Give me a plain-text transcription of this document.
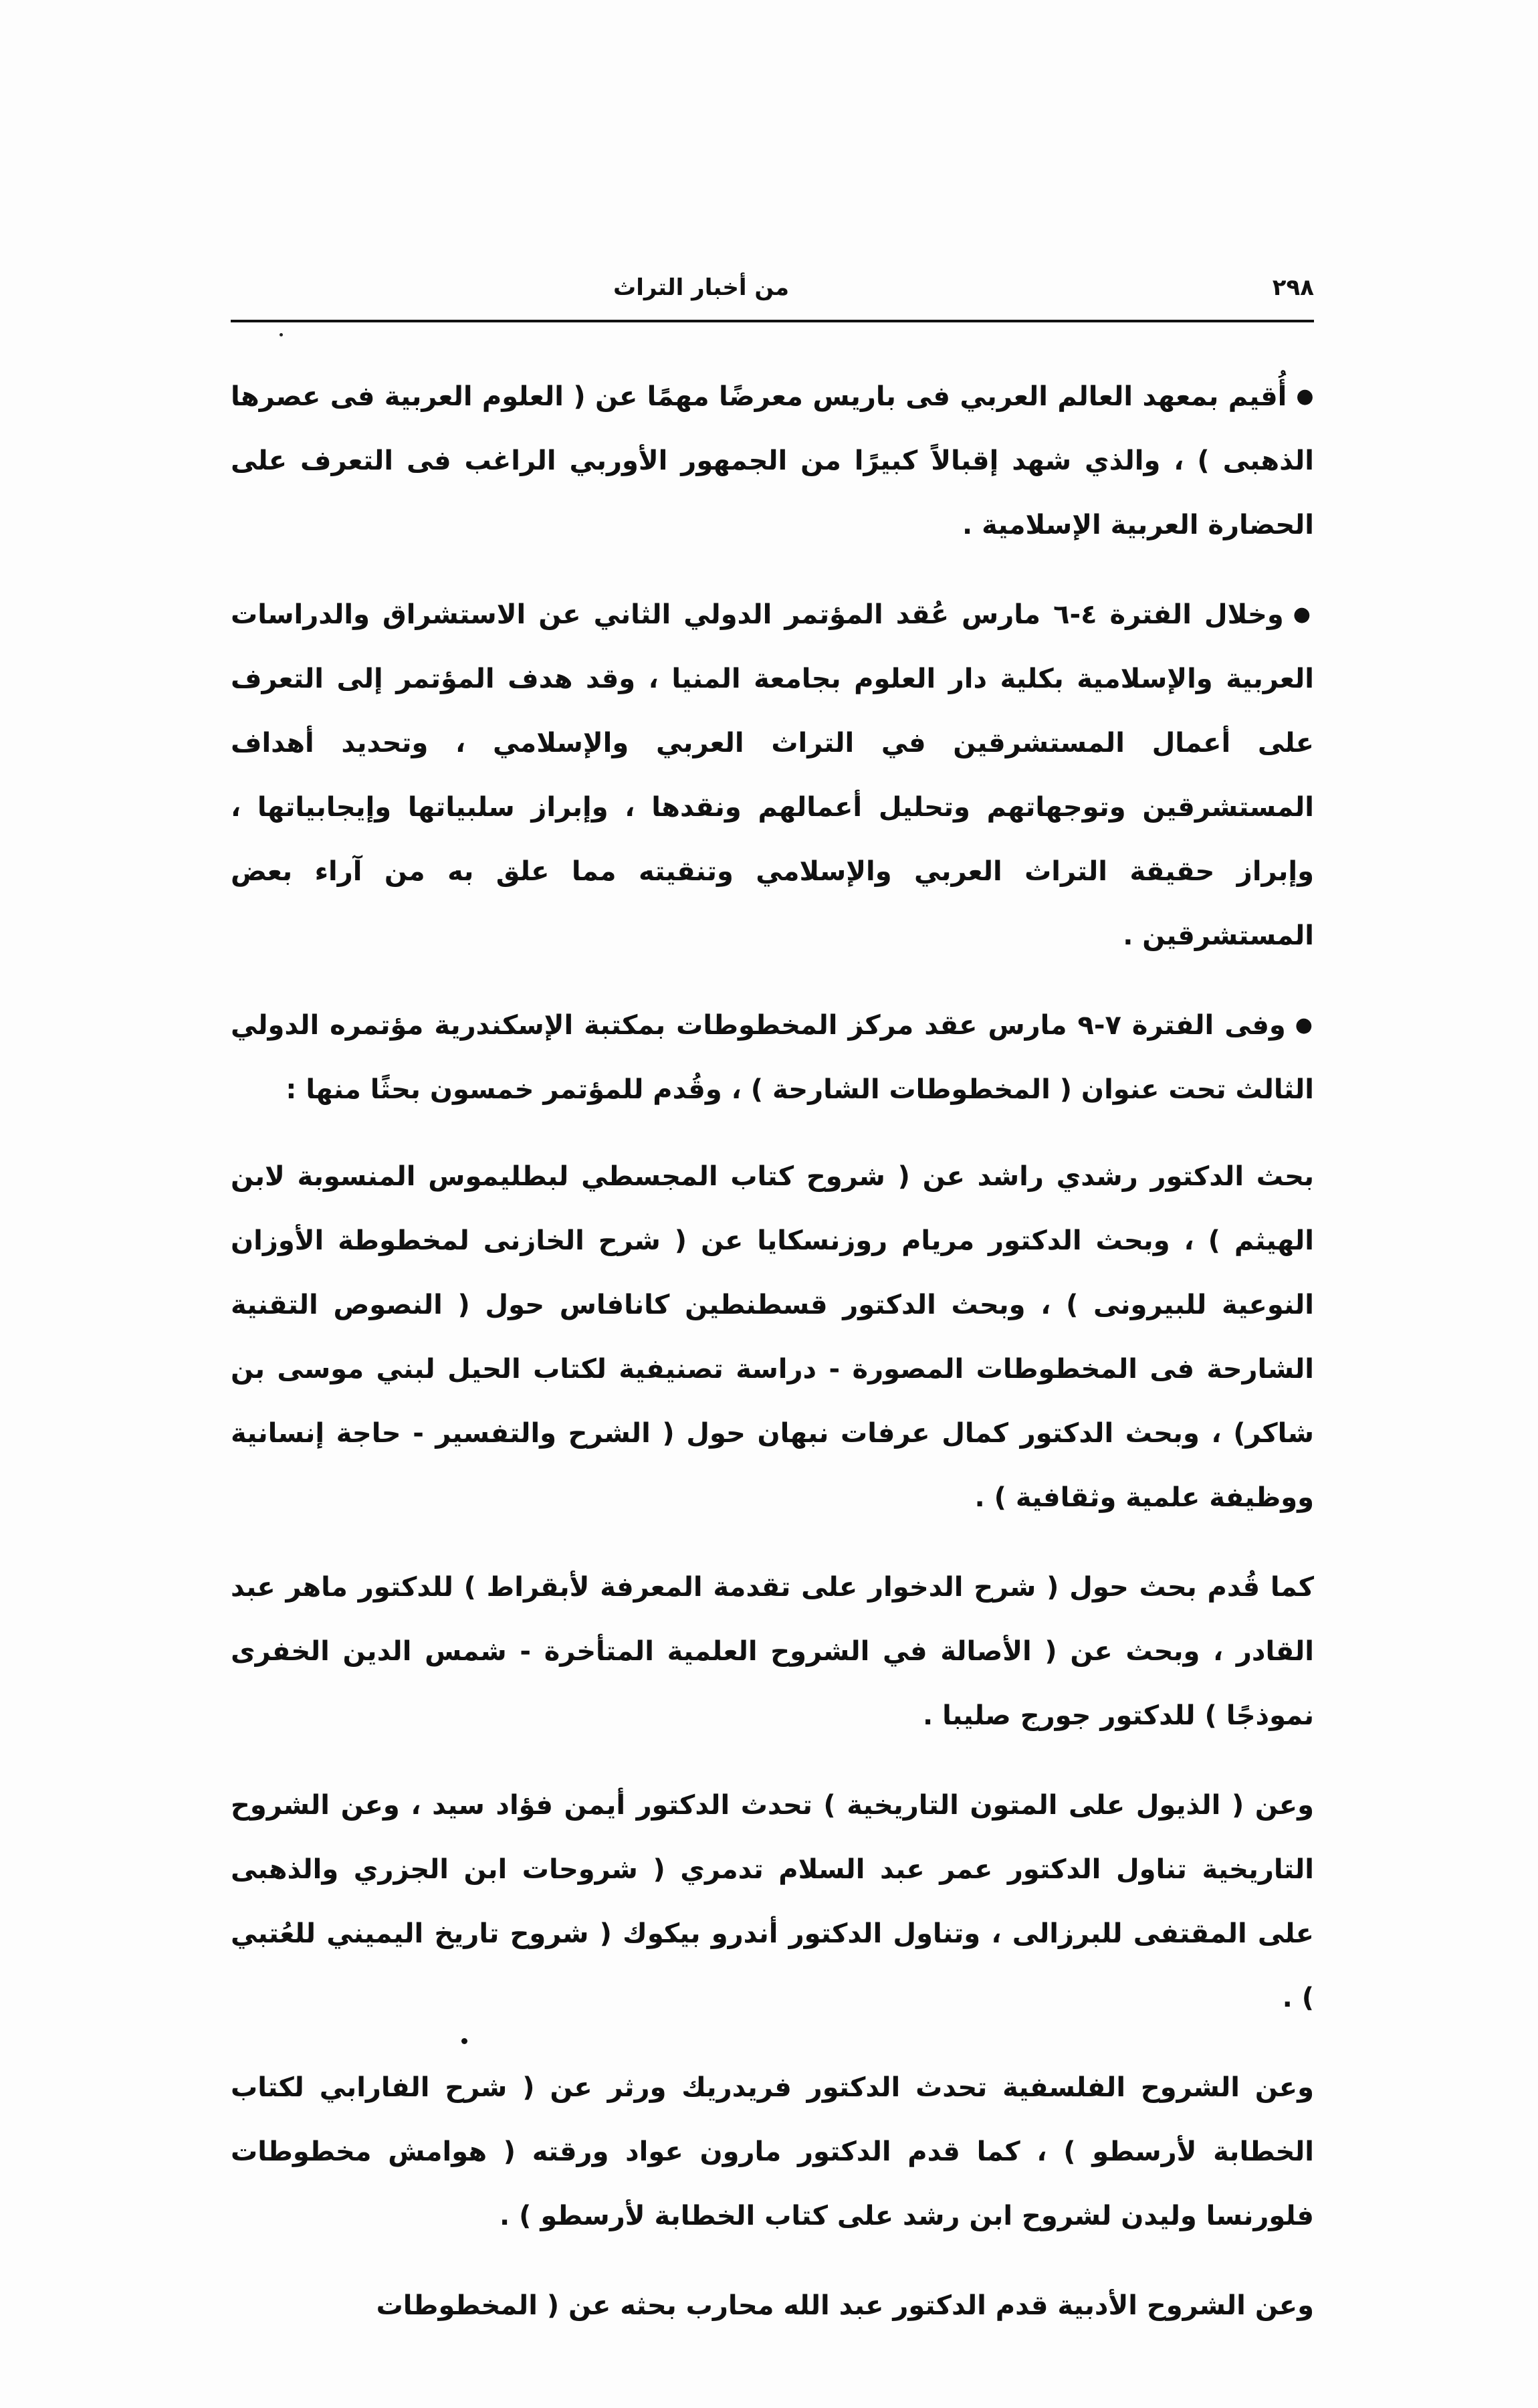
٢٩٨
من أخبار التراث

● أُقيم بمعهد العالم العربي فى باريس معرضًا مهمًا عن ( العلوم العربية فى عصرها الذهبى ) ، والذي شهد إقبالاً كبيرًا من الجمهور الأوربي الراغب فى التعرف على الحضارة العربية الإسلامية .

● وخلال الفترة ٤-٦ مارس عُقد المؤتمر الدولي الثاني عن الاستشراق والدراسات العربية والإسلامية بكلية دار العلوم بجامعة المنيا ، وقد هدف المؤتمر إلى التعرف على أعمال المستشرقين في التراث العربي والإسلامي ، وتحديد أهداف المستشرقين وتوجهاتهم وتحليل أعمالهم ونقدها ، وإبراز سلبياتها وإيجابياتها ، وإبراز حقيقة التراث العربي والإسلامي وتنقيته مما علق به من آراء بعض المستشرقين .

● وفى الفترة ٧-٩ مارس عقد مركز المخطوطات بمكتبة الإسكندرية مؤتمره الدولي الثالث تحت عنوان ( المخطوطات الشارحة ) ، وقُدم للمؤتمر خمسون بحثًا منها :

بحث الدكتور رشدي راشد عن ( شروح كتاب المجسطي لبطليموس المنسوبة لابن الهيثم ) ، وبحث الدكتور مريام روزنسكايا عن ( شرح الخازنى لمخطوطة الأوزان النوعية للبيرونى ) ، وبحث الدكتور قسطنطين كانافاس حول ( النصوص التقنية الشارحة فى المخطوطات المصورة - دراسة تصنيفية لكتاب الحيل لبني موسى بن شاكر) ، وبحث الدكتور كمال عرفات نبهان حول ( الشرح والتفسير - حاجة إنسانية ووظيفة علمية وثقافية ) .

كما قُدم بحث حول ( شرح الدخوار على تقدمة المعرفة لأبقراط ) للدكتور ماهر عبد القادر ، وبحث عن ( الأصالة في الشروح العلمية المتأخرة - شمس الدين الخفرى نموذجًا ) للدكتور جورج صليبا .

وعن ( الذيول على المتون التاريخية ) تحدث الدكتور أيمن فؤاد سيد ، وعن الشروح التاريخية تناول الدكتور عمر عبد السلام تدمري ( شروحات ابن الجزري والذهبى على المقتفى للبرزالى ، وتناول الدكتور أندرو بيكوك ( شروح تاريخ اليميني للعُتبي ) .

وعن الشروح الفلسفية تحدث الدكتور فريدريك ورثر عن ( شرح الفارابي لكتاب الخطابة لأرسطو ) ، كما قدم الدكتور مارون عواد ورقته ( هوامش مخطوطات فلورنسا وليدن لشروح ابن رشد على كتاب الخطابة لأرسطو ) .

وعن الشروح الأدبية قدم الدكتور عبد الله محارب بحثه عن ( المخطوطات
